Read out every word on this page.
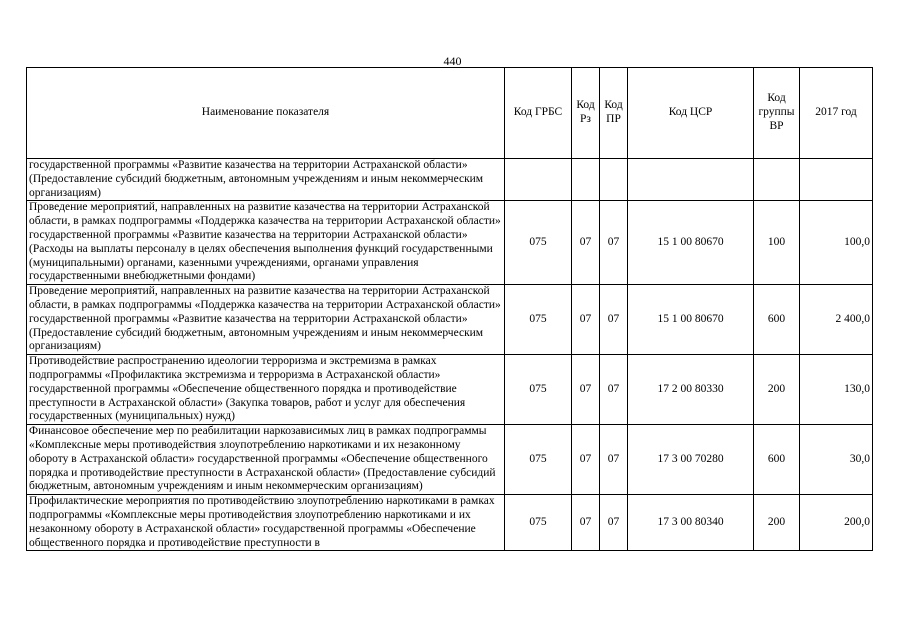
440
Наименование показателя	Код ГРБС	Код Рз	Код ПР	Код ЦСР	Код группы ВР	2017 год
государственной программы «Развитие казачества на территории Астраханской области» (Предоставление субсидий бюджетным, автономным учреждениям и иным некоммерческим организациям)						
Проведение мероприятий, направленных на развитие казачества на территории Астраханской области, в рамках подпрограммы «Поддержка казачества на территории Астраханской области» государственной программы «Развитие казачества на территории Астраханской области» (Расходы на выплаты персоналу в целях обеспечения выполнения функций государственными (муниципальными) органами, казенными учреждениями, органами управления государственными внебюджетными фондами)	075	07	07	15 1 00 80670	100	100,0
Проведение мероприятий, направленных на развитие казачества на территории Астраханской области, в рамках подпрограммы «Поддержка казачества на территории Астраханской области» государственной программы «Развитие казачества на территории Астраханской области» (Предоставление субсидий бюджетным, автономным учреждениям и иным некоммерческим организациям)	075	07	07	15 1 00 80670	600	2 400,0
Противодействие распространению идеологии терроризма и экстремизма в рамках подпрограммы «Профилактика экстремизма и терроризма в Астраханской области» государственной программы «Обеспечение общественного порядка и противодействие преступности в Астраханской области» (Закупка товаров, работ и услуг для обеспечения государственных (муниципальных) нужд)	075	07	07	17 2 00 80330	200	130,0
Финансовое обеспечение мер по реабилитации наркозависимых лиц в рамках подпрограммы «Комплексные меры противодействия злоупотреблению наркотиками и их незаконному обороту в Астраханской области» государственной программы «Обеспечение общественного порядка и противодействие преступности в Астраханской области» (Предоставление субсидий бюджетным, автономным учреждениям и иным некоммерческим организациям)	075	07	07	17 3 00 70280	600	30,0
Профилактические мероприятия по противодействию злоупотреблению наркотиками в рамках подпрограммы «Комплексные меры противодействия злоупотреблению наркотиками и их незаконному обороту в Астраханской области» государственной программы «Обеспечение общественного порядка и противодействие преступности в	075	07	07	17 3 00 80340	200	200,0
